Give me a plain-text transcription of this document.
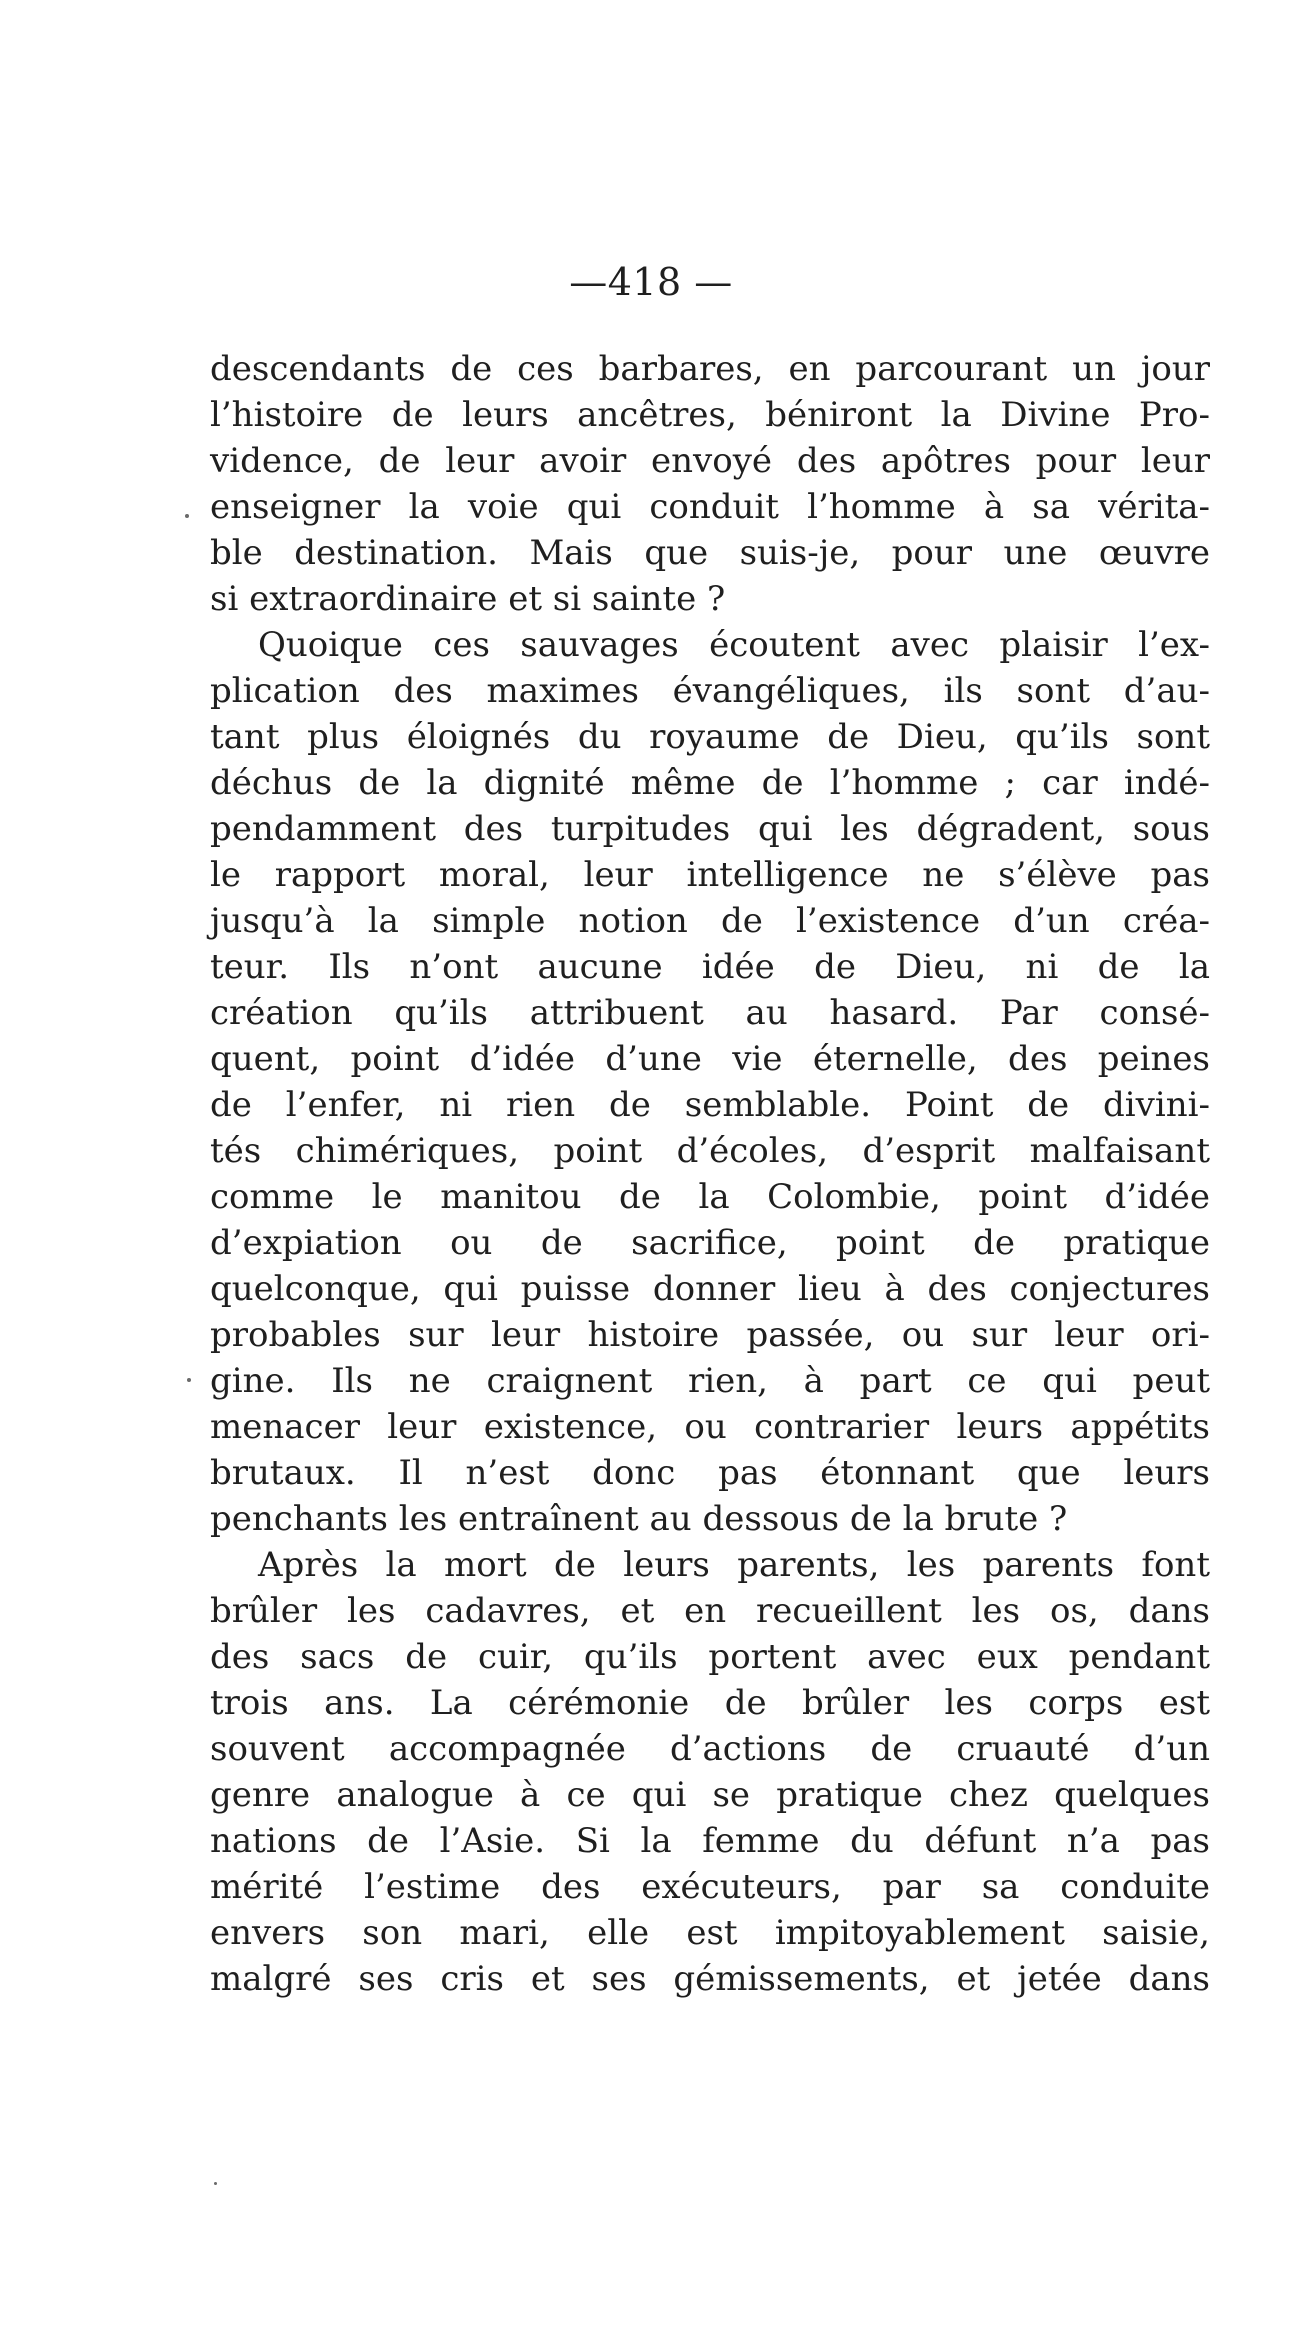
—418 —
descendants de ces barbares, en parcourant un jour
l’histoire de leurs ancêtres, béniront la Divine Pro-
vidence, de leur avoir envoyé des apôtres pour leur
enseigner la voie qui conduit l’homme à sa vérita-
ble destination. Mais que suis-je, pour une œuvre
si extraordinaire et si sainte ?
Quoique ces sauvages écoutent avec plaisir l’ex-
plication des maximes évangéliques, ils sont d’au-
tant plus éloignés du royaume de Dieu, qu’ils sont
déchus de la dignité même de l’homme ; car indé-
pendamment des turpitudes qui les dégradent, sous
le rapport moral, leur intelligence ne s’élève pas
jusqu’à la simple notion de l’existence d’un créa-
teur. Ils n’ont aucune idée de Dieu, ni de la
création qu’ils attribuent au hasard. Par consé-
quent, point d’idée d’une vie éternelle, des peines
de l’enfer, ni rien de semblable. Point de divini-
tés chimériques, point d’écoles, d’esprit malfaisant
comme le manitou de la Colombie, point d’idée
d’expiation ou de sacrifice, point de pratique
quelconque, qui puisse donner lieu à des conjectures
probables sur leur histoire passée, ou sur leur ori-
gine. Ils ne craignent rien, à part ce qui peut
menacer leur existence, ou contrarier leurs appétits
brutaux. Il n’est donc pas étonnant que leurs
penchants les entraînent au dessous de la brute ?
Après la mort de leurs parents, les parents font
brûler les cadavres, et en recueillent les os, dans
des sacs de cuir, qu’ils portent avec eux pendant
trois ans. La cérémonie de brûler les corps est
souvent accompagnée d’actions de cruauté d’un
genre analogue à ce qui se pratique chez quelques
nations de l’Asie. Si la femme du défunt n’a pas
mérité l’estime des exécuteurs, par sa conduite
envers son mari, elle est impitoyablement saisie,
malgré ses cris et ses gémissements, et jetée dans
